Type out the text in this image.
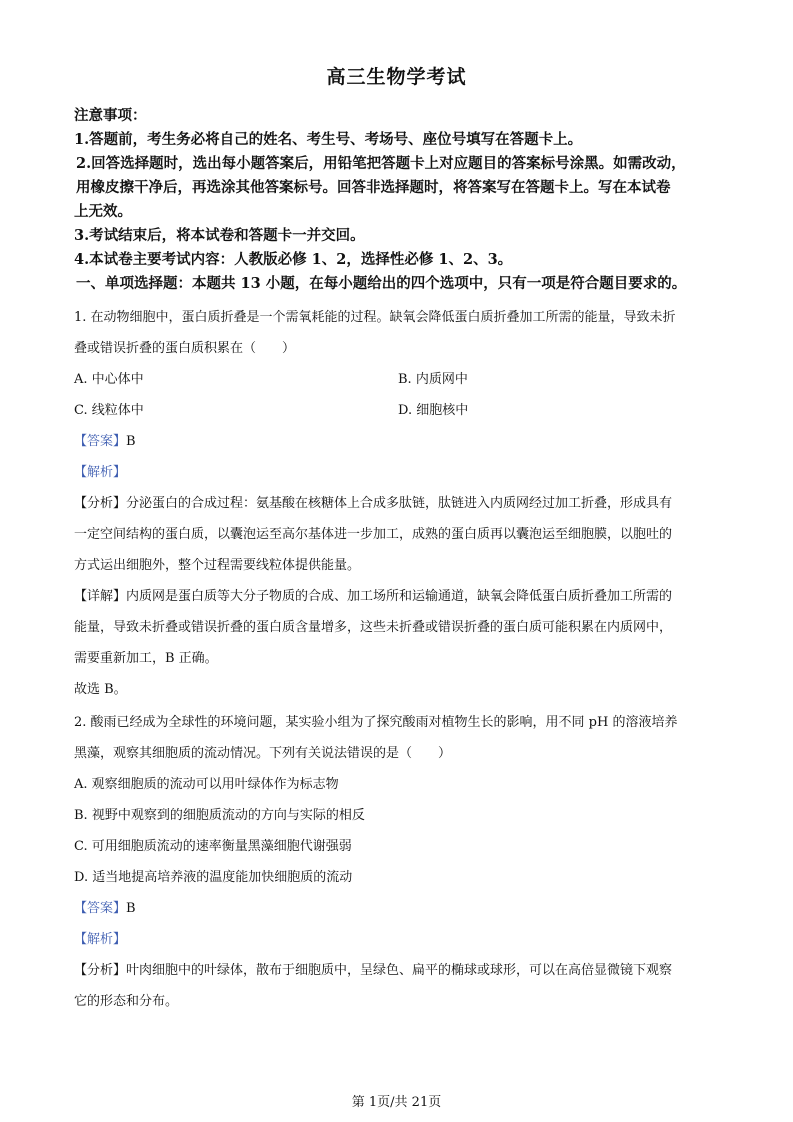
高三生物学考试
注意事项：
1.答题前，考生务必将自己的姓名、考生号、考场号、座位号填写在答题卡上。
2.回答选择题时，选出每小题答案后，用铅笔把答题卡上对应题目的答案标号涂黑。如需改动，
用橡皮擦干净后，再选涂其他答案标号。回答非选择题时，将答案写在答题卡上。写在本试卷
上无效。
3.考试结束后，将本试卷和答题卡一并交回。
4.本试卷主要考试内容：人教版必修 1、2，选择性必修 1、2、3。
一、单项选择题：本题共 13 小题，在每小题给出的四个选项中，只有一项是符合题目要求的。
1. 在动物细胞中，蛋白质折叠是一个需氧耗能的过程。缺氧会降低蛋白质折叠加工所需的能量，导致未折
叠或错误折叠的蛋白质积累在（　　）
A. 中心体中	B. 内质网中
C. 线粒体中	D. 细胞核中
【答案】B
【解析】
【分析】分泌蛋白的合成过程：氨基酸在核糖体上合成多肽链，肽链进入内质网经过加工折叠，形成具有
一定空间结构的蛋白质，以囊泡运至高尔基体进一步加工，成熟的蛋白质再以囊泡运至细胞膜，以胞吐的
方式运出细胞外，整个过程需要线粒体提供能量。
【详解】内质网是蛋白质等大分子物质的合成、加工场所和运输通道，缺氧会降低蛋白质折叠加工所需的
能量，导致未折叠或错误折叠的蛋白质含量增多，这些未折叠或错误折叠的蛋白质可能积累在内质网中，
需要重新加工，B 正确。
故选 B。
2. 酸雨已经成为全球性的环境问题，某实验小组为了探究酸雨对植物生长的影响，用不同 pH 的溶液培养
黑藻，观察其细胞质的流动情况。下列有关说法错误的是（　　）
A. 观察细胞质的流动可以用叶绿体作为标志物
B. 视野中观察到的细胞质流动的方向与实际的相反
C. 可用细胞质流动的速率衡量黑藻细胞代谢强弱
D. 适当地提高培养液的温度能加快细胞质的流动
【答案】B
【解析】
【分析】叶肉细胞中的叶绿体，散布于细胞质中，呈绿色、扁平的椭球或球形，可以在高倍显微镜下观察
它的形态和分布。
第 1页/共 21页
